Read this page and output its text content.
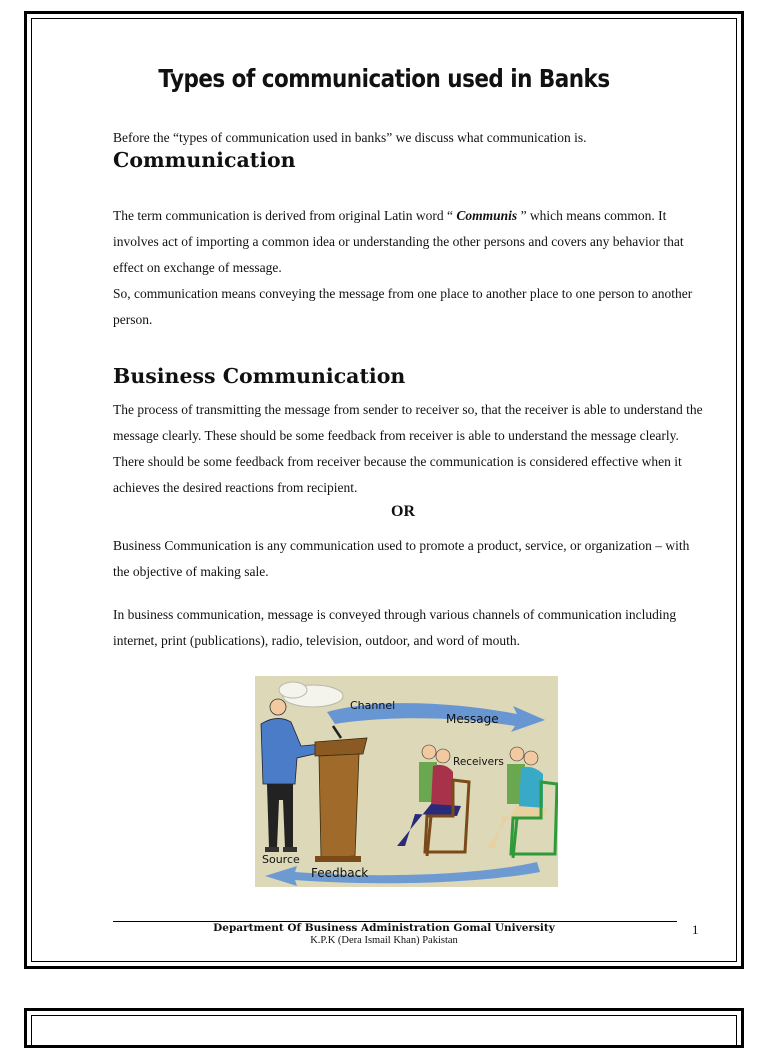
Types of communication used in Banks

Before the “types of communication used in banks” we discuss what communication is.

Communication
The term communication is derived from original Latin word “ Communis ” which means common. It involves act of importing a common idea or understanding the other persons and covers any behavior that effect on exchange of message.
So, communication means conveying the message from one place to another place to one person to another person.
Business Communication

The process of transmitting the message from sender to receiver so, that the receiver is able to understand the message clearly. These should be some feedback from receiver is able to understand the message clearly. There should be some feedback from receiver because the communication is considered effective when it achieves the desired reactions from recipient.

OR

Business Communication is any communication used to promote a product, service, or organization – with the objective of making sale.

In business communication, message is conveyed through various channels of communication including internet, print (publications), radio, television, outdoor, and word of mouth.

Channel
Message
Receivers
Source
Feedback
Department Of Business Administration Gomal University
K.P.K (Dera Ismail Khan) Pakistan
1
